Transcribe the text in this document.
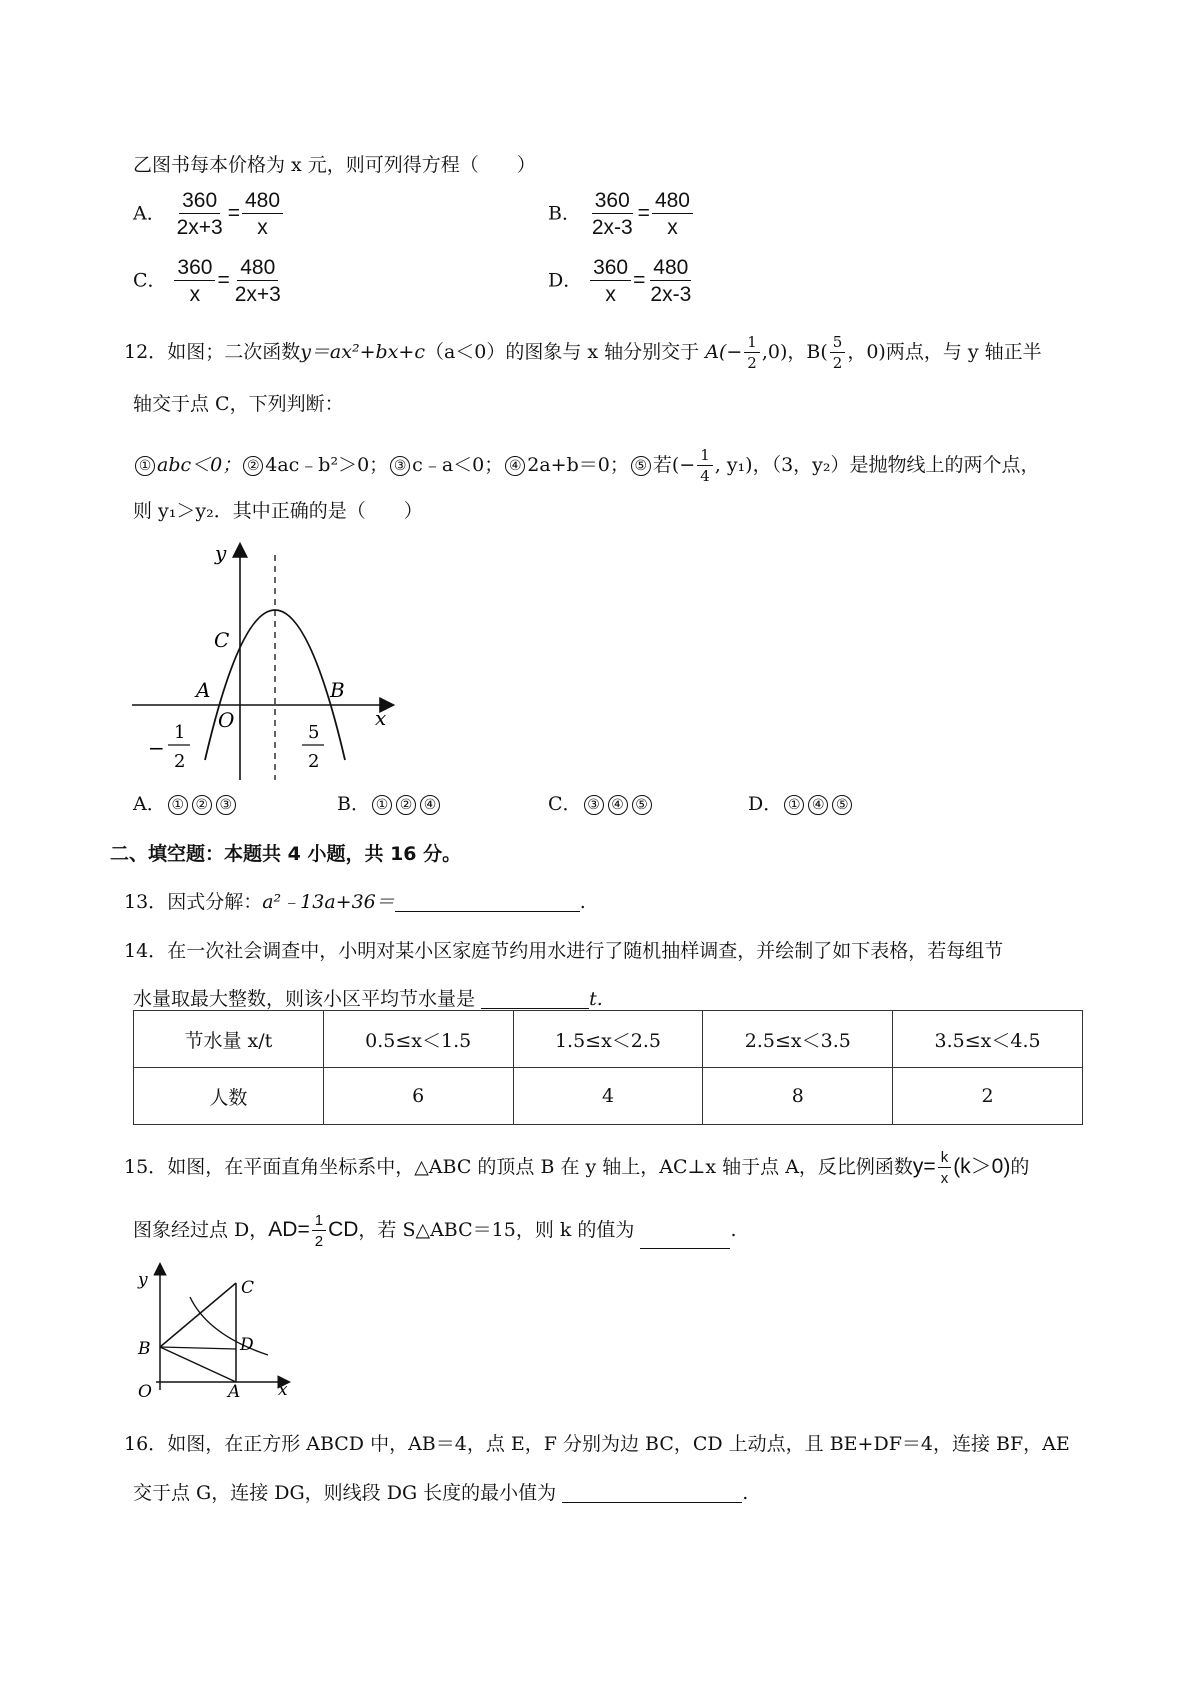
乙图书每本价格为 x 元，则可列得方程（　　）
A． $\frac{360}{2x+3} = \frac{480}{x}$	B． $\frac{360}{2x-3} = \frac{480}{x}$
C． $\frac{360}{x} = \frac{480}{2x+3}$	D． $\frac{360}{x} = \frac{480}{2x-3}$
12．如图；二次函数y＝ax²+bx+c（a＜0）的图象与 x 轴分别交于 $A(- \frac{1}{2} ,0)$，$B( \frac{5}{2}$ ，0)两点，与 y 轴正半
轴交于点 C，下列判断：
① abc＜0； ② 4ac﹣b²＞0； ③ c﹣a＜0； ④ 2a+b＝0； ⑤ 若(− $\frac{1}{4}$ , y₁)，（3，y₂）是抛物线上的两个点，
则 y₁＞y₂．其中正确的是（　　）
y
x
C
A
O
B
−
1
2
5
2
A． ① ② ③	B． ① ② ④	C． ③ ④ ⑤	D． ① ④ ⑤
二、填空题：本题共 4 小题，共 16 分。
13．因式分解：a²﹣13a+36＝	.
14．在一次社会调查中，小明对某小区家庭节约用水进行了随机抽样调查，并绘制了如下表格，若每组节
水量取最大整数，则该小区平均节水量是	t.
节水量 x/t	0.5≤x＜1.5	1.5≤x＜2.5	2.5≤x＜3.5	3.5≤x＜4.5
人数	6	4	8	2
15．如图，在平面直角坐标系中，△ABC 的顶点 B 在 y 轴上，AC⊥x 轴于点 A，反比例函数$y= \frac{k}{x} (k>0)$的
图象经过点 D，$AD= \frac{1}{2}$ CD，若 S△ABC＝15，则 k 的值为	.
y	C
D
B
O	A x
16．如图，在正方形 ABCD 中，AB＝4，点 E，F 分别为边 BC，CD 上动点，且 BE+DF＝4，连接 BF，AE
交于点 G，连接 DG，则线段 DG 长度的最小值为	.
